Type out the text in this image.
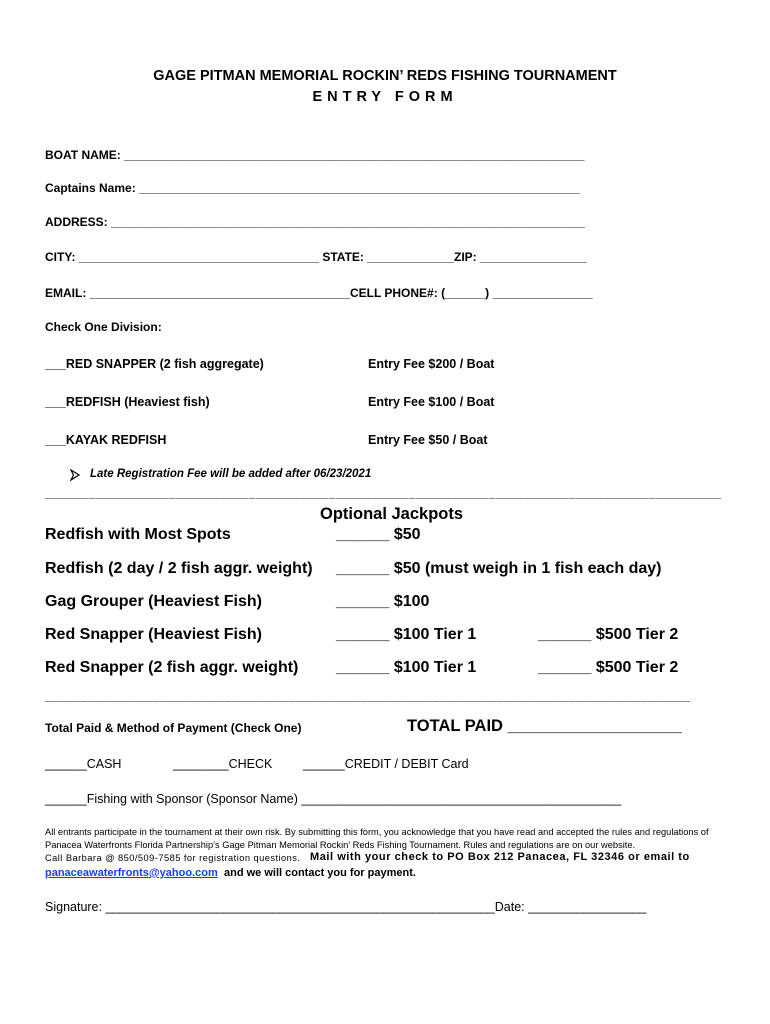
GAGE PITMAN MEMORIAL ROCKIN’ REDS FISHING TOURNAMENT
ENTRY FORM
BOAT NAME: _____________________________________________________________________
Captains Name: __________________________________________________________________
ADDRESS: _______________________________________________________________________
CITY: ____________________________________ STATE: _____________ZIP: ________________
EMAIL: _______________________________________CELL PHONE#: (______) _______________
Check One Division:
___RED SNAPPER (2 fish aggregate)	Entry Fee $200 / Boat
___REDFISH (Heaviest fish)	Entry Fee $100 / Boat
___KAYAK REDFISH	Entry Fee $50 / Boat
Late Registration Fee will be added after 06/23/2021
_____________________________________________________________________________________________
Optional Jackpots
Redfish with Most Spots	______ $50
Redfish (2 day / 2 fish aggr. weight) ______ $50 (must weigh in 1 fish each day)
Gag Grouper (Heaviest Fish)	______ $100
Red Snapper (Heaviest Fish)	______ $100 Tier 1	______ $500 Tier 2
Red Snapper (2 fish aggr. weight) ______ $100 Tier 1	______ $500 Tier 2
__________________________________________________________________________________________
Total Paid & Method of Payment (Check One)	TOTAL PAID ___________________
______CASH	________CHECK ______CREDIT / DEBIT Card
______Fishing with Sponsor (Sponsor Name) ______________________________________________
All entrants participate in the tournament at their own risk. By submitting this form, you acknowledge that you have read and accepted the rules and regulations of
Panacea Waterfronts Florida Partnership’s Gage Pitman Memorial Rockin’ Reds Fishing Tournament. Rules and regulations are on our website.
Call Barbara @ 850/509-7585 for registration questions. Mail with your check to PO Box 212 Panacea, FL 32346 or email to
panaceawaterfronts@yahoo.com and we will contact you for payment.
Signature: ________________________________________________________Date: _________________
